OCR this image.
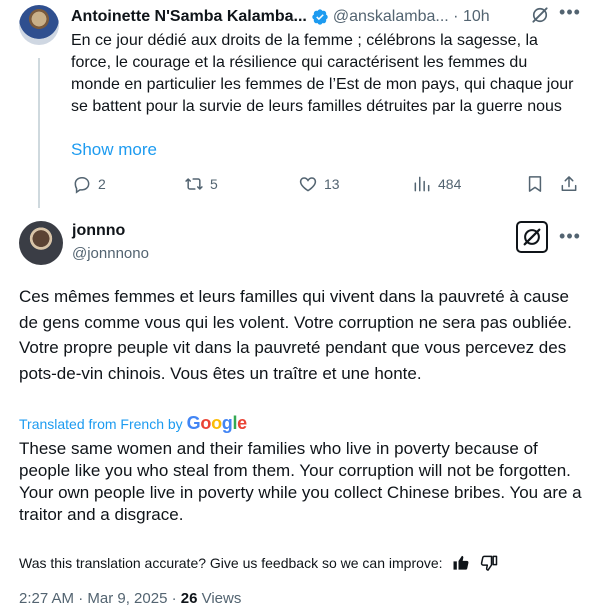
Antoinette N'Samba Kalamba... @anskalamba... · 10h	•••
En ce jour dédié aux droits de la femme ; célébrons la sagesse, la force, le courage et la résilience qui caractérisent les femmes du monde en particulier les femmes de l’Est de mon pays, qui chaque jour se battent pour la survie de leurs familles détruites par la guerre nous
Show more
2	5	13	484
jonnno
@jonnnono
•••
Ces mêmes femmes et leurs familles qui vivent dans la pauvreté à cause de gens comme vous qui les volent. Votre corruption ne sera pas oubliée. Votre propre peuple vit dans la pauvreté pendant que vous percevez des pots-de-vin chinois. Vous êtes un traître et une honte.
Translated from French by Google
These same women and their families who live in poverty because of people like you who steal from them. Your corruption will not be forgotten. Your own people live in poverty while you collect Chinese bribes. You are a traitor and a disgrace.
Was this translation accurate? Give us feedback so we can improve:
2:27 AM · Mar 9, 2025 · 26 Views
